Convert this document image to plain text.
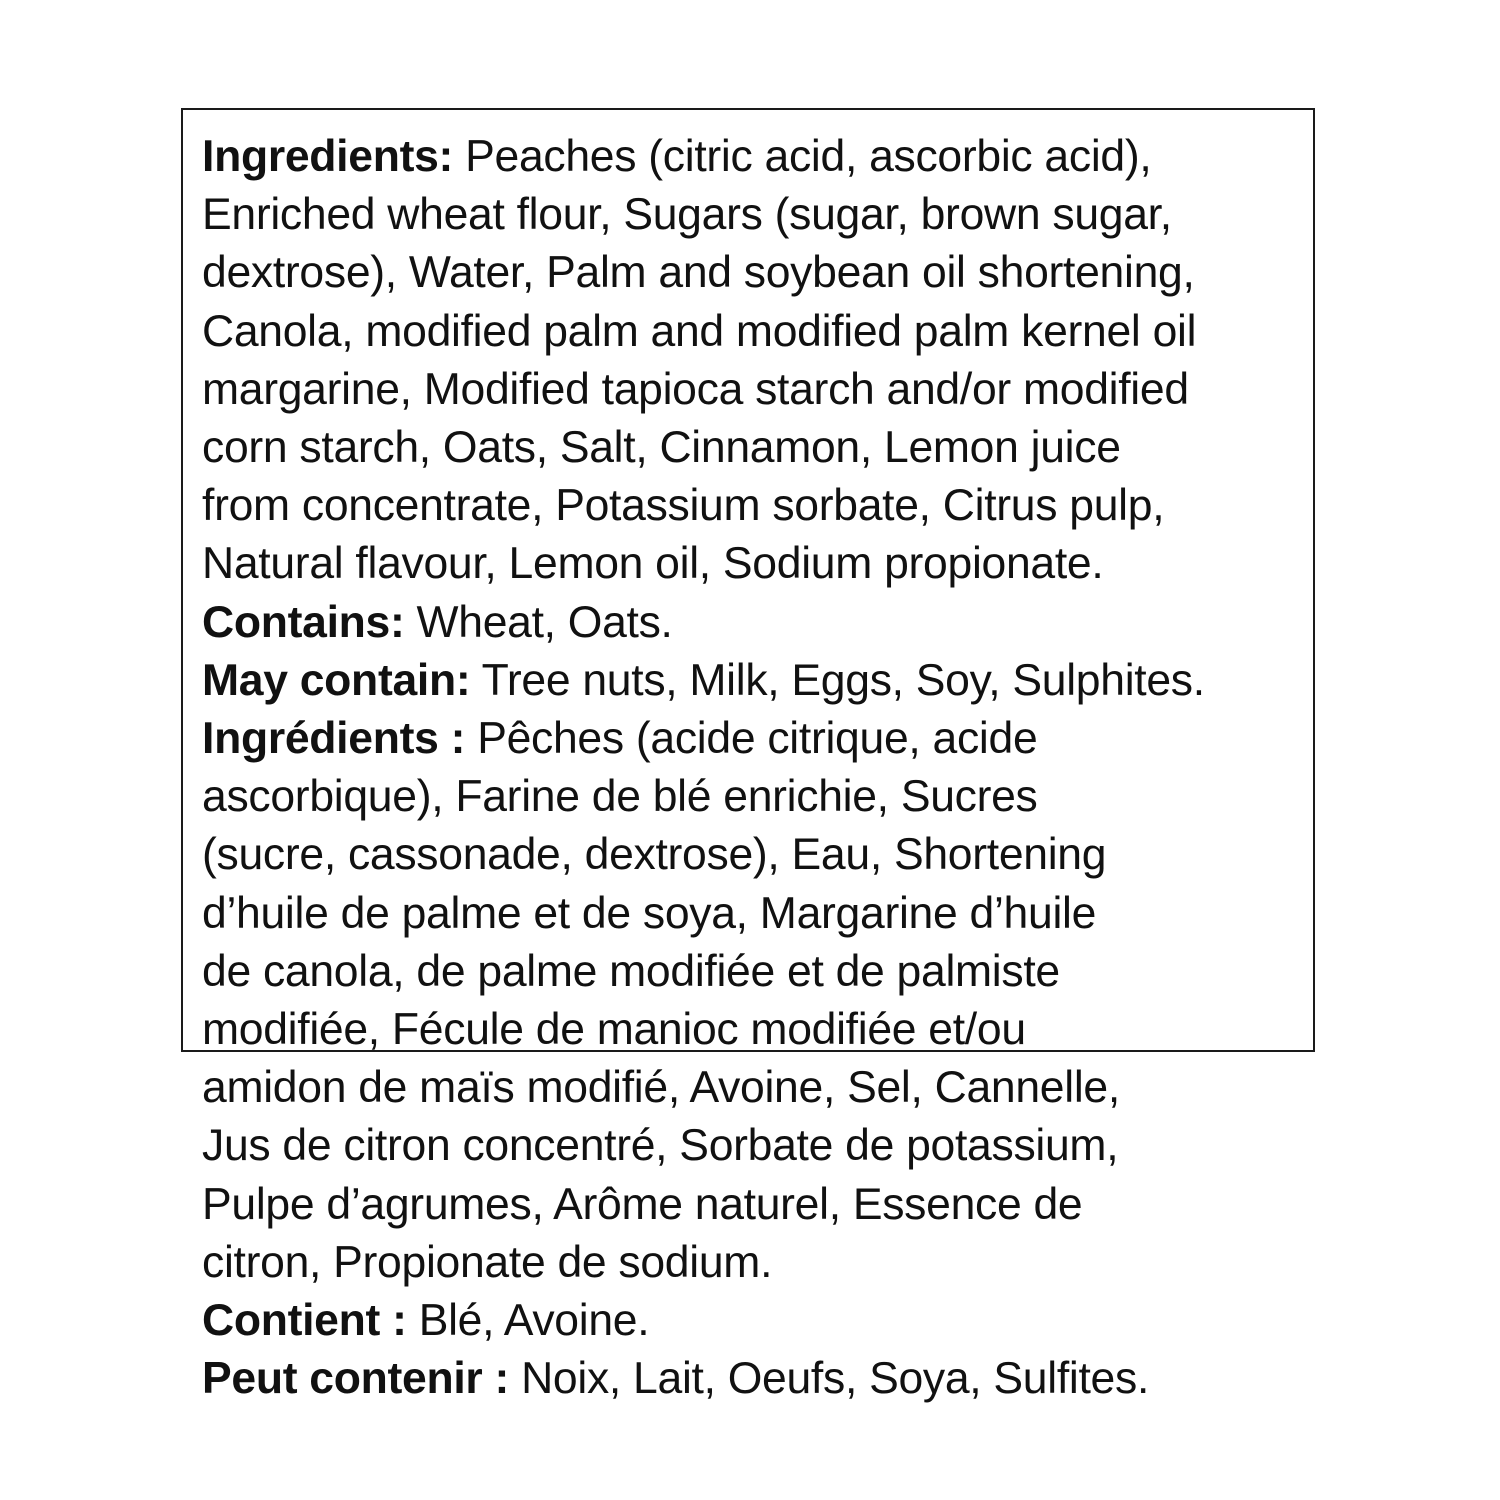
Ingredients: Peaches (citric acid, ascorbic acid),
Enriched wheat flour, Sugars (sugar, brown sugar,
dextrose), Water, Palm and soybean oil shortening,
Canola, modified palm and modified palm kernel oil
margarine, Modified tapioca starch and/or modified
corn starch, Oats, Salt, Cinnamon, Lemon juice
from concentrate, Potassium sorbate, Citrus pulp,
Natural flavour, Lemon oil, Sodium propionate.
Contains: Wheat, Oats.
May contain: Tree nuts, Milk, Eggs, Soy, Sulphites.
Ingrédients : Pêches (acide citrique, acide
ascorbique), Farine de blé enrichie, Sucres
(sucre, cassonade, dextrose), Eau, Shortening
d’huile de palme et de soya, Margarine d’huile
de canola, de palme modifiée et de palmiste
modifiée, Fécule de manioc modifiée et/ou
amidon de maïs modifié, Avoine, Sel, Cannelle,
Jus de citron concentré, Sorbate de potassium,
Pulpe d’agrumes, Arôme naturel, Essence de
citron, Propionate de sodium.
Contient : Blé, Avoine.
Peut contenir : Noix, Lait, Oeufs, Soya, Sulfites.
